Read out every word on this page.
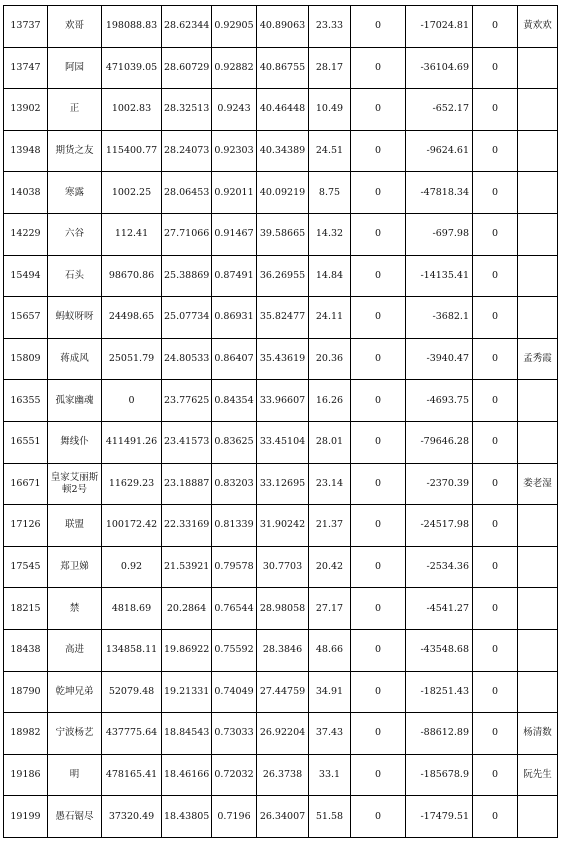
13737	欢哥	198088.83	28.62344	0.92905	40.89063	23.33	0	-17024.81	0	黄欢欢
13747	阿园	471039.05	28.60729	0.92882	40.86755	28.17	0	-36104.69	0	
13902	正	1002.83	28.32513	0.9243	40.46448	10.49	0	-652.17	0	
13948	期货之友	115400.77	28.24073	0.92303	40.34389	24.51	0	-9624.61	0	
14038	寒露	1002.25	28.06453	0.92011	40.09219	8.75	0	-47818.34	0	
14229	六谷	112.41	27.71066	0.91467	39.58665	14.32	0	-697.98	0	
15494	石头	98670.86	25.38869	0.87491	36.26955	14.84	0	-14135.41	0	
15657	蚂蚁呀呀	24498.65	25.07734	0.86931	35.82477	24.11	0	-3682.1	0	
15809	蒋成风	25051.79	24.80533	0.86407	35.43619	20.36	0	-3940.47	0	孟秀霞
16355	孤家幽魂	0	23.77625	0.84354	33.96607	16.26	0	-4693.75	0	
16551	舞线仆	411491.26	23.41573	0.83625	33.45104	28.01	0	-79646.28	0	
16671	皇家艾丽斯顿2号	11629.23	23.18887	0.83203	33.12695	23.14	0	-2370.39	0	娄老湿
17126	联盟	100172.42	22.33169	0.81339	31.90242	21.37	0	-24517.98	0	
17545	郑卫娣	0.92	21.53921	0.79578	30.7703	20.42	0	-2534.36	0	
18215	禁	4818.69	20.2864	0.76544	28.98058	27.17	0	-4541.27	0	
18438	高进	134858.11	19.86922	0.75592	28.3846	48.66	0	-43548.68	0	
18790	乾坤兄弟	52079.48	19.21331	0.74049	27.44759	34.91	0	-18251.43	0	
18982	宁波杨艺	437775.64	18.84543	0.73033	26.92204	37.43	0	-88612.89	0	杨清数
19186	明	478165.41	18.46166	0.72032	26.3738	33.1	0	-185678.9	0	阮先生
19199	愚石锯尽	37320.49	18.43805	0.7196	26.34007	51.58	0	-17479.51	0	
